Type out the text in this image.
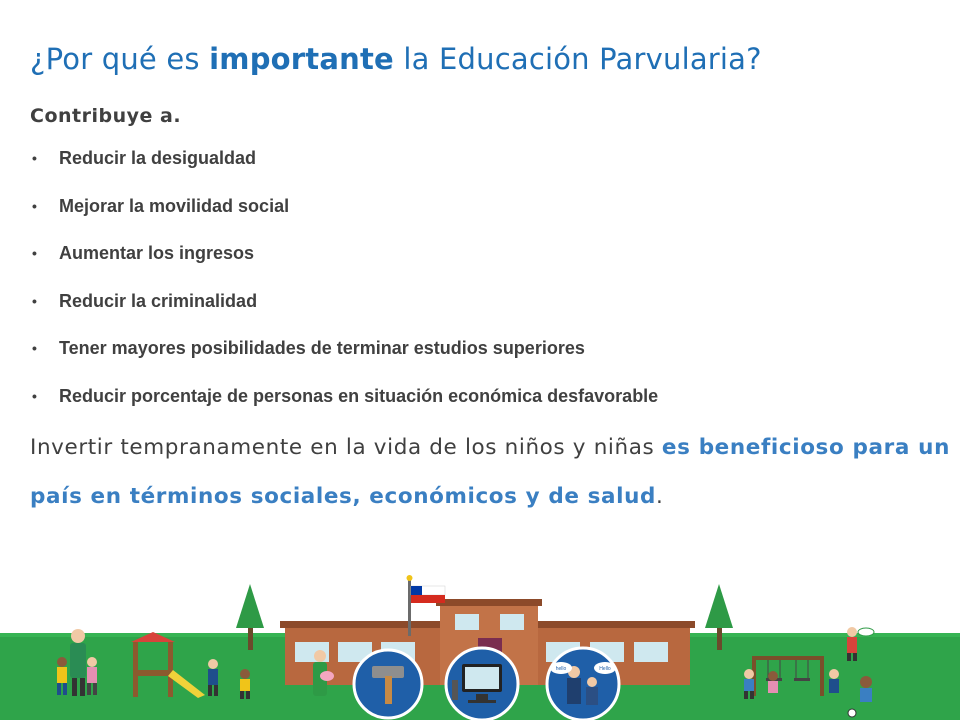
¿Por qué es importante la Educación Parvularia?
Contribuye a.
• Reducir la desigualdad
• Mejorar la movilidad social
• Aumentar los ingresos
• Reducir la criminalidad
• Tener mayores posibilidades de terminar estudios superiores
• Reducir porcentaje de personas en situación económica desfavorable
Invertir tempranamente en la vida de los niños y niñas es beneficioso para un país en términos sociales, económicos y de salud.
hello	Hello
